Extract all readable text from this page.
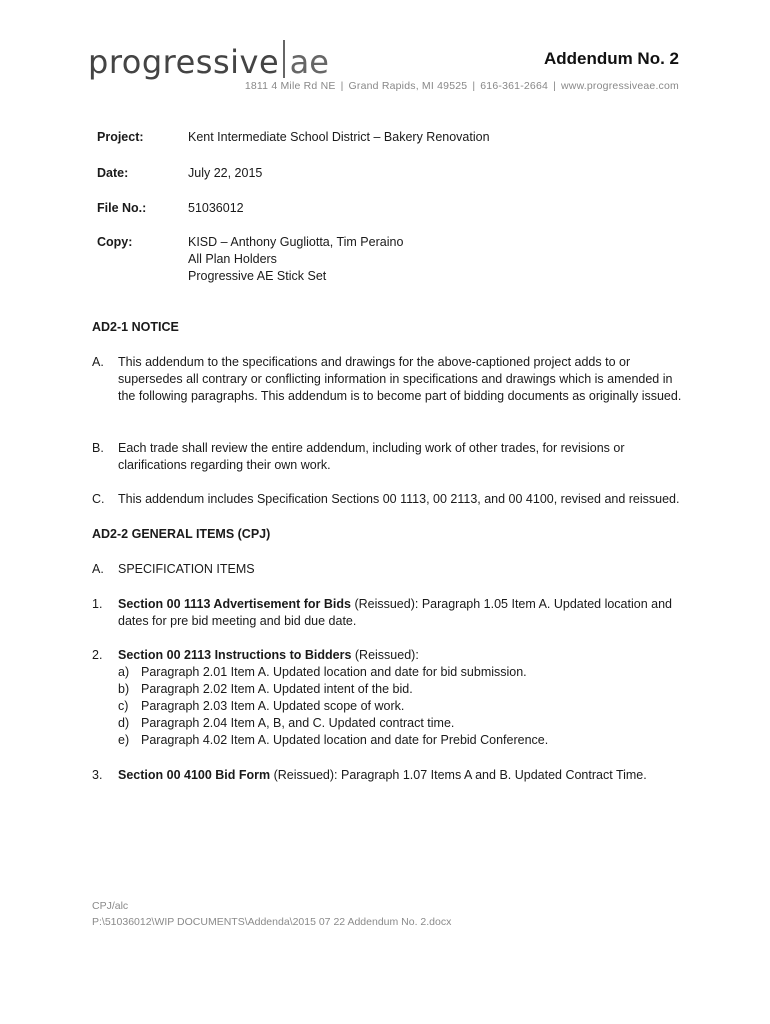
progressive ae	Addendum No. 2
1811 4 Mile Rd NE | Grand Rapids, MI 49525 | 616-361-2664 | www.progressiveae.com
Project:	Kent Intermediate School District – Bakery Renovation
Date:	July 22, 2015
File No.:	51036012
Copy:	KISD – Anthony Gugliotta, Tim Peraino
All Plan Holders
Progressive AE Stick Set
AD2-1 NOTICE
A. This addendum to the specifications and drawings for the above-captioned project adds to or supersedes all contrary or conflicting information in specifications and drawings which is amended in the following paragraphs. This addendum is to become part of bidding documents as originally issued.
B. Each trade shall review the entire addendum, including work of other trades, for revisions or clarifications regarding their own work.
C. This addendum includes Specification Sections 00 1113, 00 2113, and 00 4100, revised and reissued.
AD2-2 GENERAL ITEMS (CPJ)
A. SPECIFICATION ITEMS
1. Section 00 1113 Advertisement for Bids (Reissued): Paragraph 1.05 Item A. Updated location and dates for pre bid meeting and bid due date.
2. Section 00 2113 Instructions to Bidders (Reissued):
a) Paragraph 2.01 Item A. Updated location and date for bid submission.
b) Paragraph 2.02 Item A. Updated intent of the bid.
c) Paragraph 2.03 Item A. Updated scope of work.
d) Paragraph 2.04 Item A, B, and C. Updated contract time.
e) Paragraph 4.02 Item A. Updated location and date for Prebid Conference.
3. Section 00 4100 Bid Form (Reissued): Paragraph 1.07 Items A and B. Updated Contract Time.
CPJ/alc
P:\51036012\WIP DOCUMENTS\Addenda\2015 07 22 Addendum No. 2.docx
